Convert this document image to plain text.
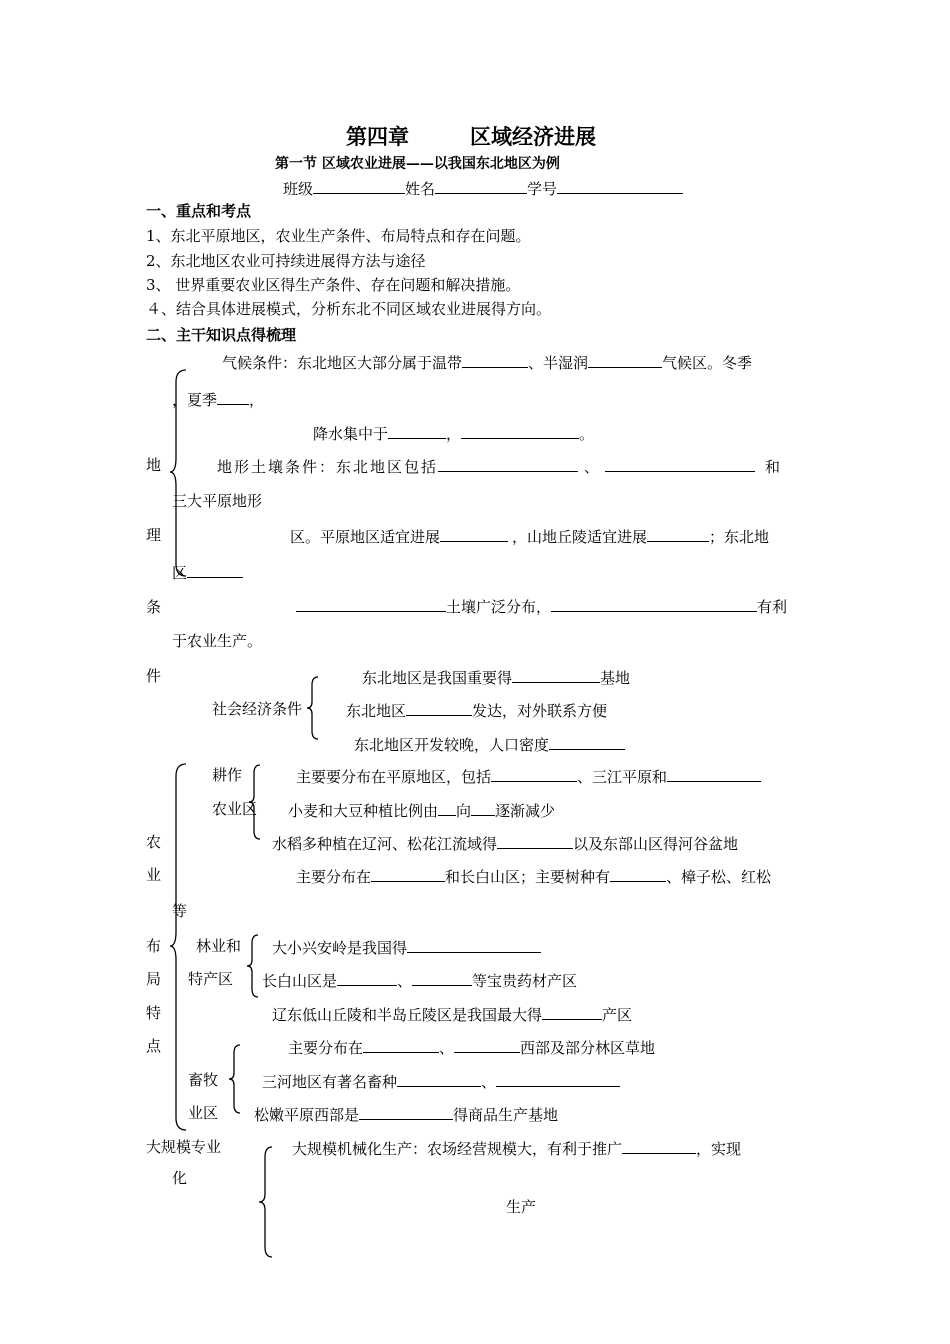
第四章	区域经济进展
第一节 区域农业进展——以我国东北地区为例
班级	姓名	学号
一、重点和考点
1、东北平原地区，农业生产条件、布局特点和存在问题。
2、东北地区农业可持续进展得方法与途径
3、 世界重要农业区得生产条件、存在问题和解决措施。
４、结合具体进展模式，分析东北不同区域农业进展得方向。
二、主干知识点得梳理
地
理
条
件
气候条件：东北地区大部分属于温带	、半湿润	气候区。冬季
，夏季 ，
降水集中于	，	。
地形土壤条件：东北地区包括	、	和
三大平原地形
区。平原地区适宜进展	，山地丘陵适宜进展	；东北地
区
土壤广泛分布，	有利
于农业生产。
社会经济条件
东北地区是我国重要得	基地
东北地区	发达，对外联系方便
东北地区开发较晚，人口密度
农
业
布
局
特
点
耕作
农业区
主要要分布在平原地区，包括	、三江平原和
小麦和大豆种植比例由 向 逐渐减少
水稻多种植在辽河、松花江流域得	以及东部山区得河谷盆地
主要分布在	和长白山区；主要树种有	、樟子松、红松
等
林业和
特产区
大小兴安岭是我国得
长白山区是	、	等宝贵药材产区
辽东低山丘陵和半岛丘陵区是我国最大得	产区
畜牧
业区
主要分布在	、	西部及部分林区草地
三河地区有著名畜种	、
松嫩平原西部是	得商品生产基地
大规模专业
化
大规模机械化生产：农场经营规模大，有利于推广	，实现
生产
